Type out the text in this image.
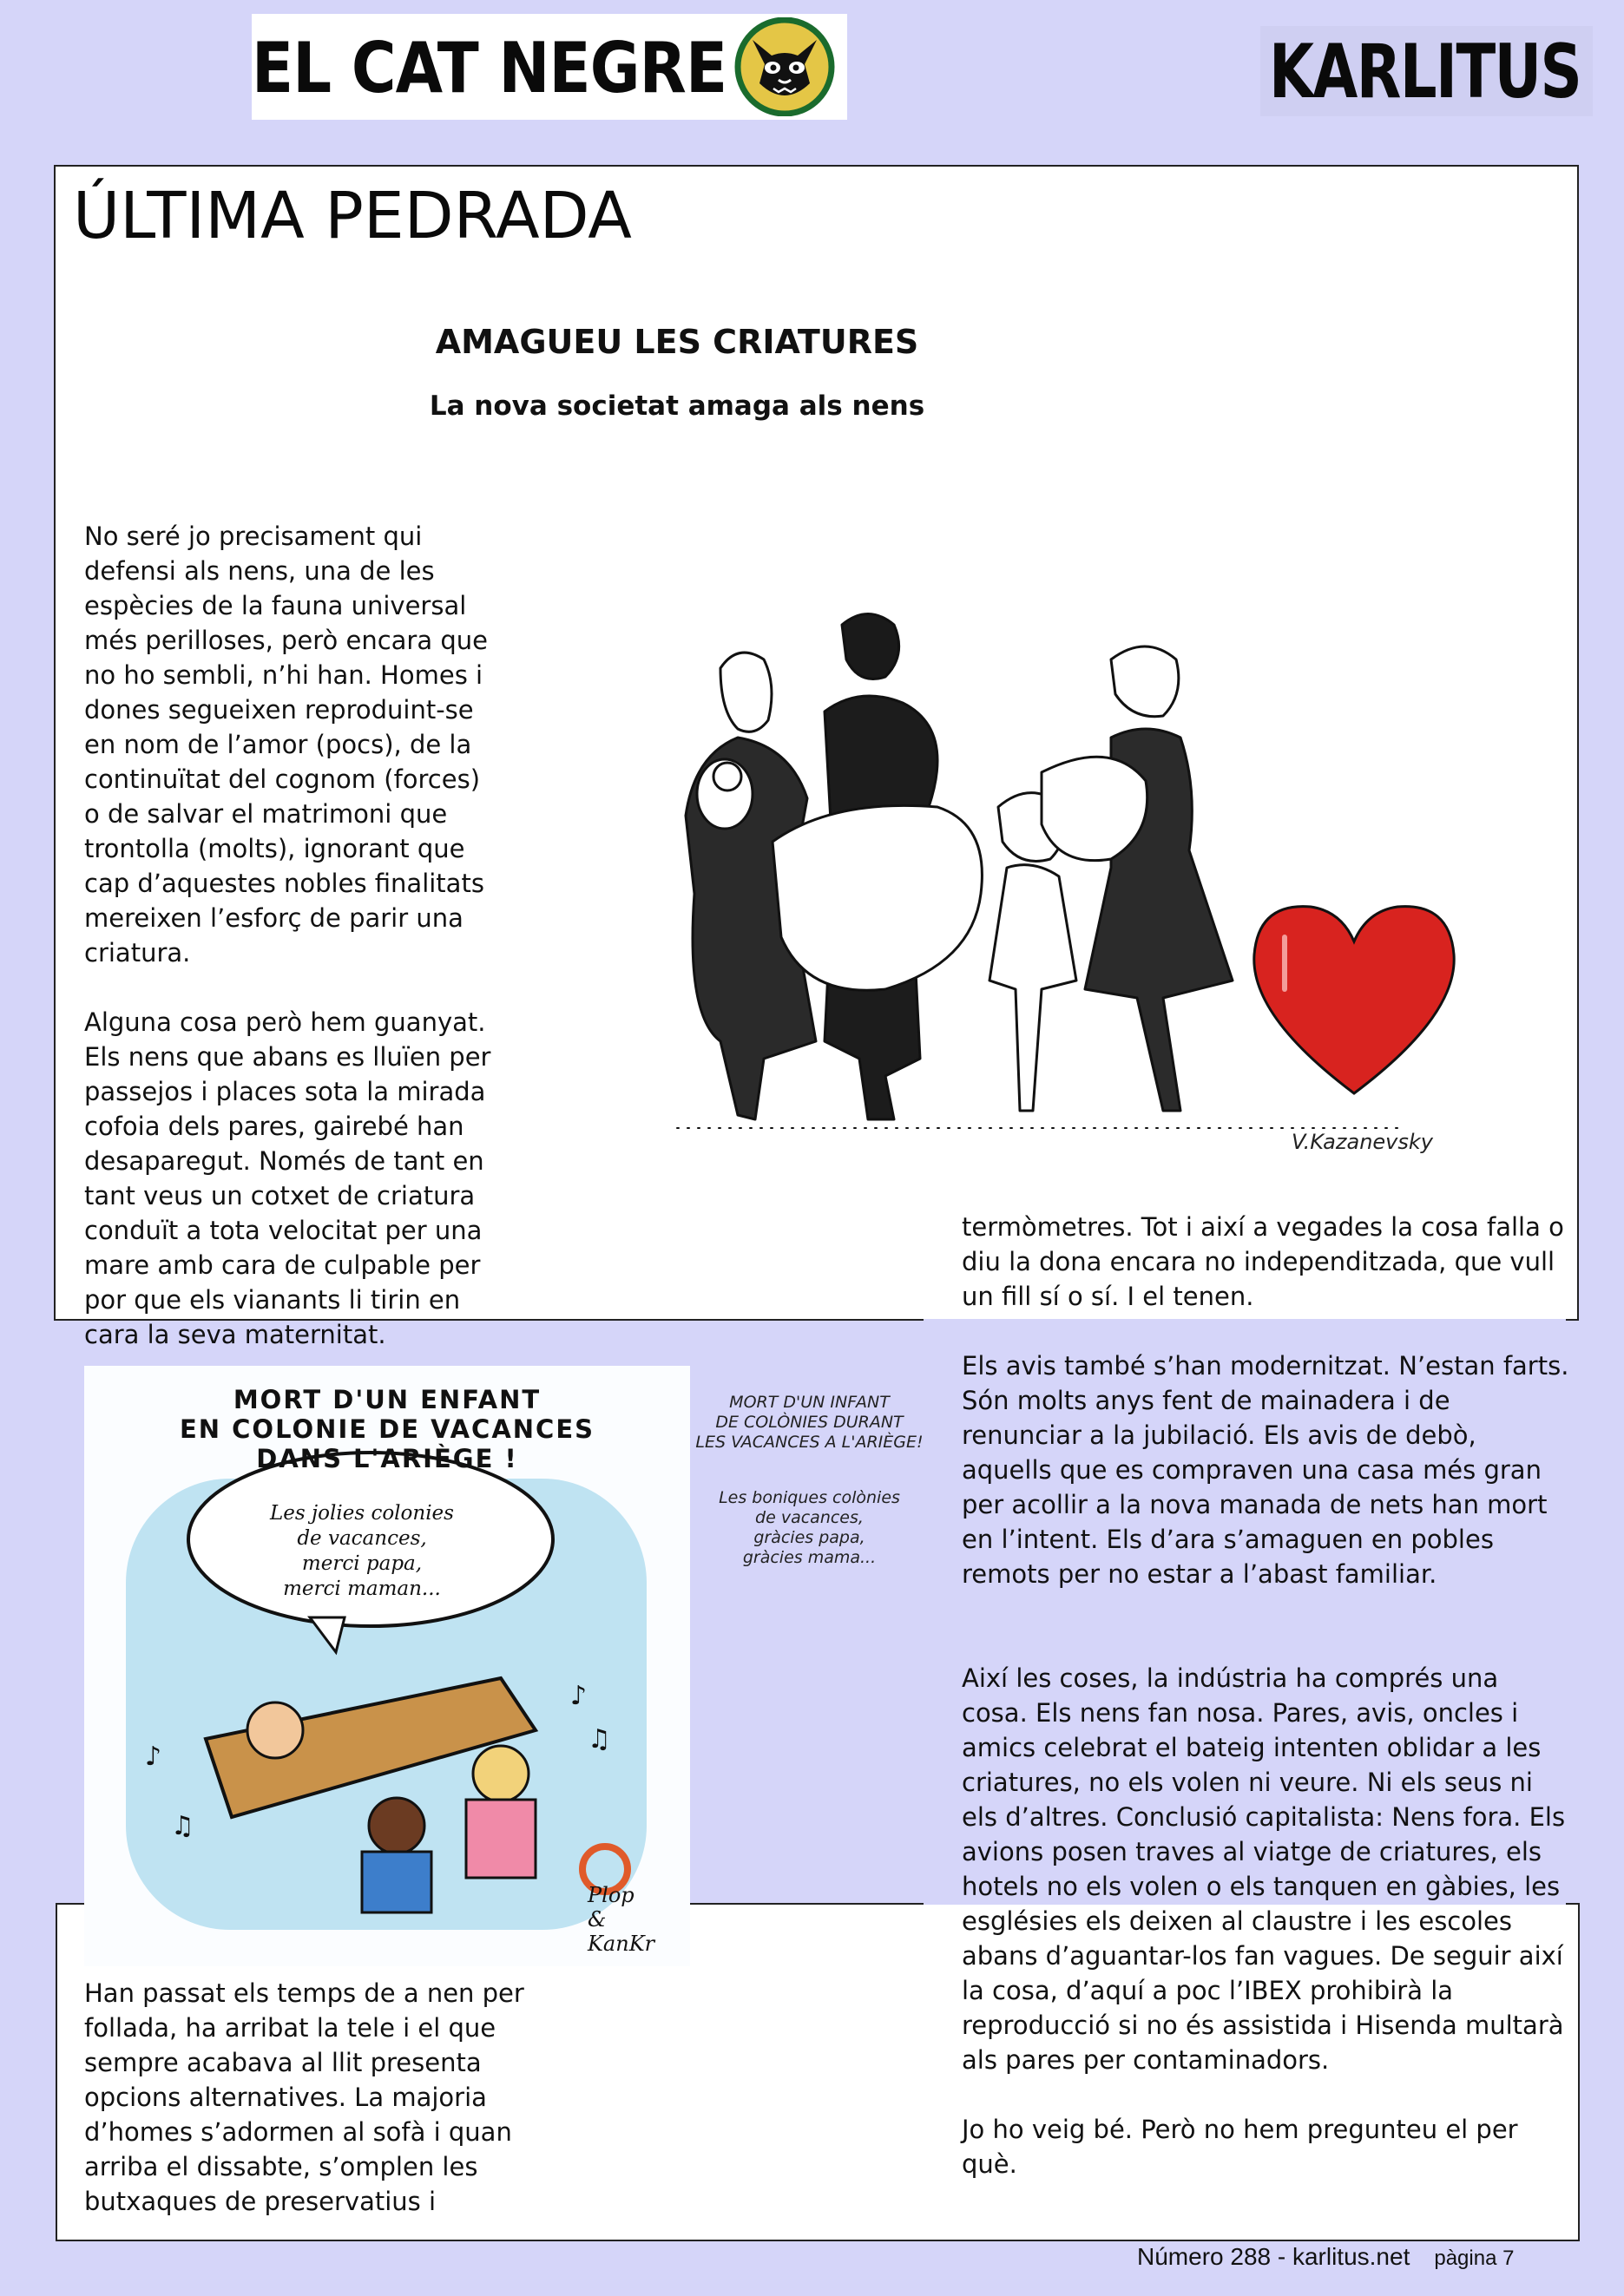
EL CAT NEGRE	KARLITUS
ÚLTIMA PEDRADA
AMAGUEU LES CRIATURES
La nova societat amaga als nens

No seré jo precisament qui defensi als nens, una de les espècies de la fauna universal més perilloses, però encara que no ho sembli, n’hi han. Homes i dones segueixen reproduint-se en nom de l’amor (pocs), de la continuïtat del cognom (forces) o de salvar el matrimoni que trontolla (molts), ignorant que cap d’aquestes nobles finalitats mereixen l’esforç de parir una criatura.

Alguna cosa però hem guanyat. Els nens que abans es lluïen per passejos i places sota la mirada cofoia dels pares, gairebé han desaparegut. Només de tant en tant veus un cotxet de criatura conduït a tota velocitat per una mare amb cara de culpable per por que els vianants li tirin en cara la seva maternitat.

V.Kazanevsky
♪
♫
♪
♫
MORT D'UN ENFANT
EN COLONIE DE VACANCES
DANS L'ARIÈGE !
Les jolies colonies
de vacances,
merci papa,
merci maman...
Plop
& KanKr
MORT D'UN INFANT
DE COLÒNIES DURANT
LES VACANCES A L'ARIÈGE!
Les boniques colònies
de vacances,
gràcies papa,
gràcies mama...

termòmetres. Tot i així a vegades la cosa falla o diu la dona encara no independitzada, que vull un fill sí o sí. I el tenen.

Els avis també s’han modernitzat. N’estan farts. Són molts anys fent de mainadera i de renunciar a la jubilació. Els avis de debò, aquells que es compraven una casa més gran per acollir a la nova manada de nets han mort en l’intent. Els d’ara s’amaguen en pobles remots per no estar a l’abast familiar.

Així les coses, la indústria ha comprés una cosa. Els nens fan nosa. Pares, avis, oncles i amics celebrat el bateig intenten oblidar a les criatures, no els volen ni veure. Ni els seus ni els d’altres. Conclusió capitalista: Nens fora. Els avions posen traves al viatge de criatures, els hotels no els volen o els tanquen en gàbies, les esglésies els deixen al claustre i les escoles abans d’aguantar-los fan vagues. De seguir així la cosa, d’aquí a poc l’IBEX prohibirà la reproducció si no és assistida i Hisenda multarà als pares per contaminadors.

Jo ho veig bé. Però no hem pregunteu el per què.

Han passat els temps de a nen per follada, ha arribat la tele i el que sempre acabava al llit presenta opcions alternatives. La majoria d’homes s’adormen al sofà i quan arriba el dissabte, s’omplen les butxaques de preservatius i

Número 288 - karlitus.net pàgina 7
